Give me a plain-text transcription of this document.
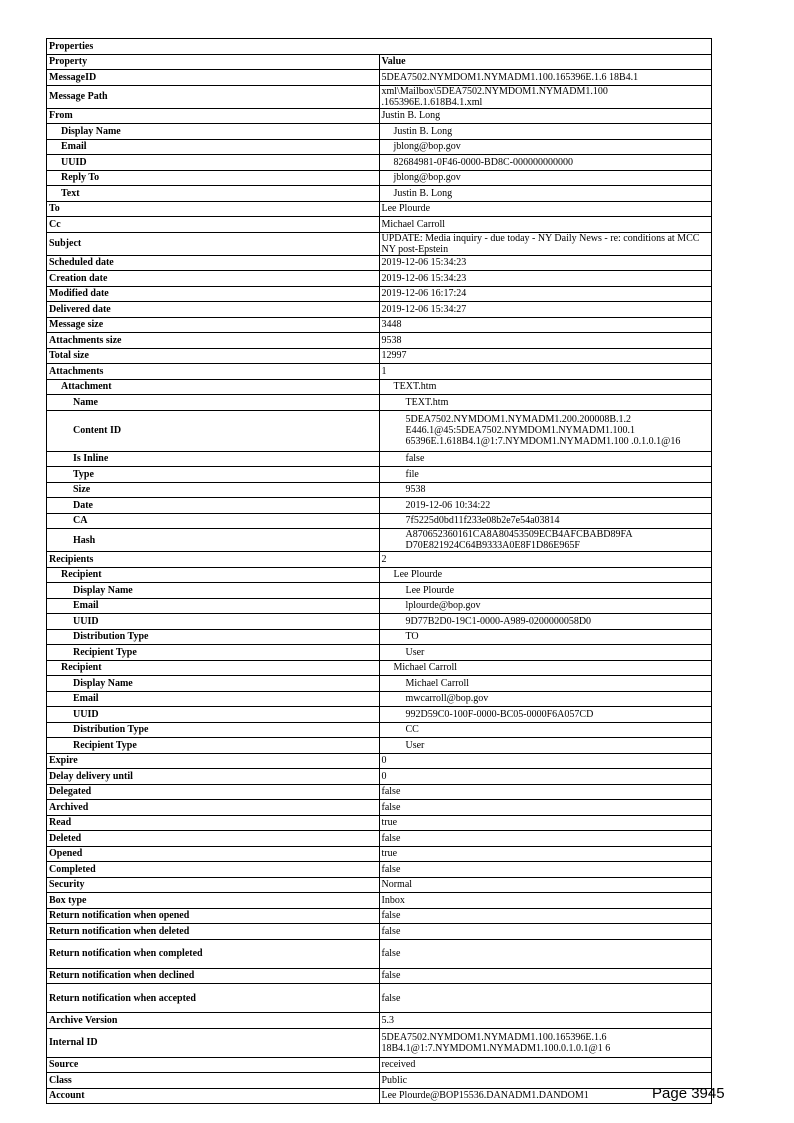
Properties	
Property	Value
MessageID	5DEA7502.NYMDOM1.NYMADM1.100.165396E.1.6 18B4.1
Message Path	xml\Mailbox\5DEA7502.NYMDOM1.NYMADM1.100 .165396E.1.618B4.1.xml
From	Justin B. Long
Display Name	Justin B. Long
Email	jblong@bop.gov
UUID	82684981-0F46-0000-BD8C-000000000000
Reply To	jblong@bop.gov
Text	Justin B. Long
To	Lee Plourde
Cc	Michael Carroll
Subject	UPDATE: Media inquiry - due today - NY Daily News - re: conditions at MCC NY post-Epstein
Scheduled date	2019-12-06 15:34:23
Creation date	2019-12-06 15:34:23
Modified date	2019-12-06 16:17:24
Delivered date	2019-12-06 15:34:27
Message size	3448
Attachments size	9538
Total size	12997
Attachments	1
Attachment	TEXT.htm
Name	TEXT.htm
Content ID	5DEA7502.NYMDOM1.NYMADM1.200.200008B.1.2 E446.1@45:5DEA7502.NYMDOM1.NYMADM1.100.1 65396E.1.618B4.1@1:7.NYMDOM1.NYMADM1.100 .0.1.0.1@16
Is Inline	false
Type	file
Size	9538
Date	2019-12-06 10:34:22
CA	7f5225d0bd11f233e08b2e7e54a03814
Hash	A870652360161CA8A80453509ECB4AFCBABD89FA D70E821924C64B9333A0E8F1D86E965F
Recipients	2
Recipient	Lee Plourde
Display Name	Lee Plourde
Email	lplourde@bop.gov
UUID	9D77B2D0-19C1-0000-A989-0200000058D0
Distribution Type	TO
Recipient Type	User
Recipient	Michael Carroll
Display Name	Michael Carroll
Email	mwcarroll@bop.gov
UUID	992D59C0-100F-0000-BC05-0000F6A057CD
Distribution Type	CC
Recipient Type	User
Expire	0
Delay delivery until	0
Delegated	false
Archived	false
Read	true
Deleted	false
Opened	true
Completed	false
Security	Normal
Box type	Inbox
Return notification when opened	false
Return notification when deleted	false
Return notification when completed	false
Return notification when declined	false
Return notification when accepted	false
Archive Version	5.3
Internal ID	5DEA7502.NYMDOM1.NYMADM1.100.165396E.1.6 18B4.1@1:7.NYMDOM1.NYMADM1.100.0.1.0.1@1 6
Source	received
Class	Public
Account	Lee Plourde@BOP15536.DANADM1.DANDOM1	Page 3945
